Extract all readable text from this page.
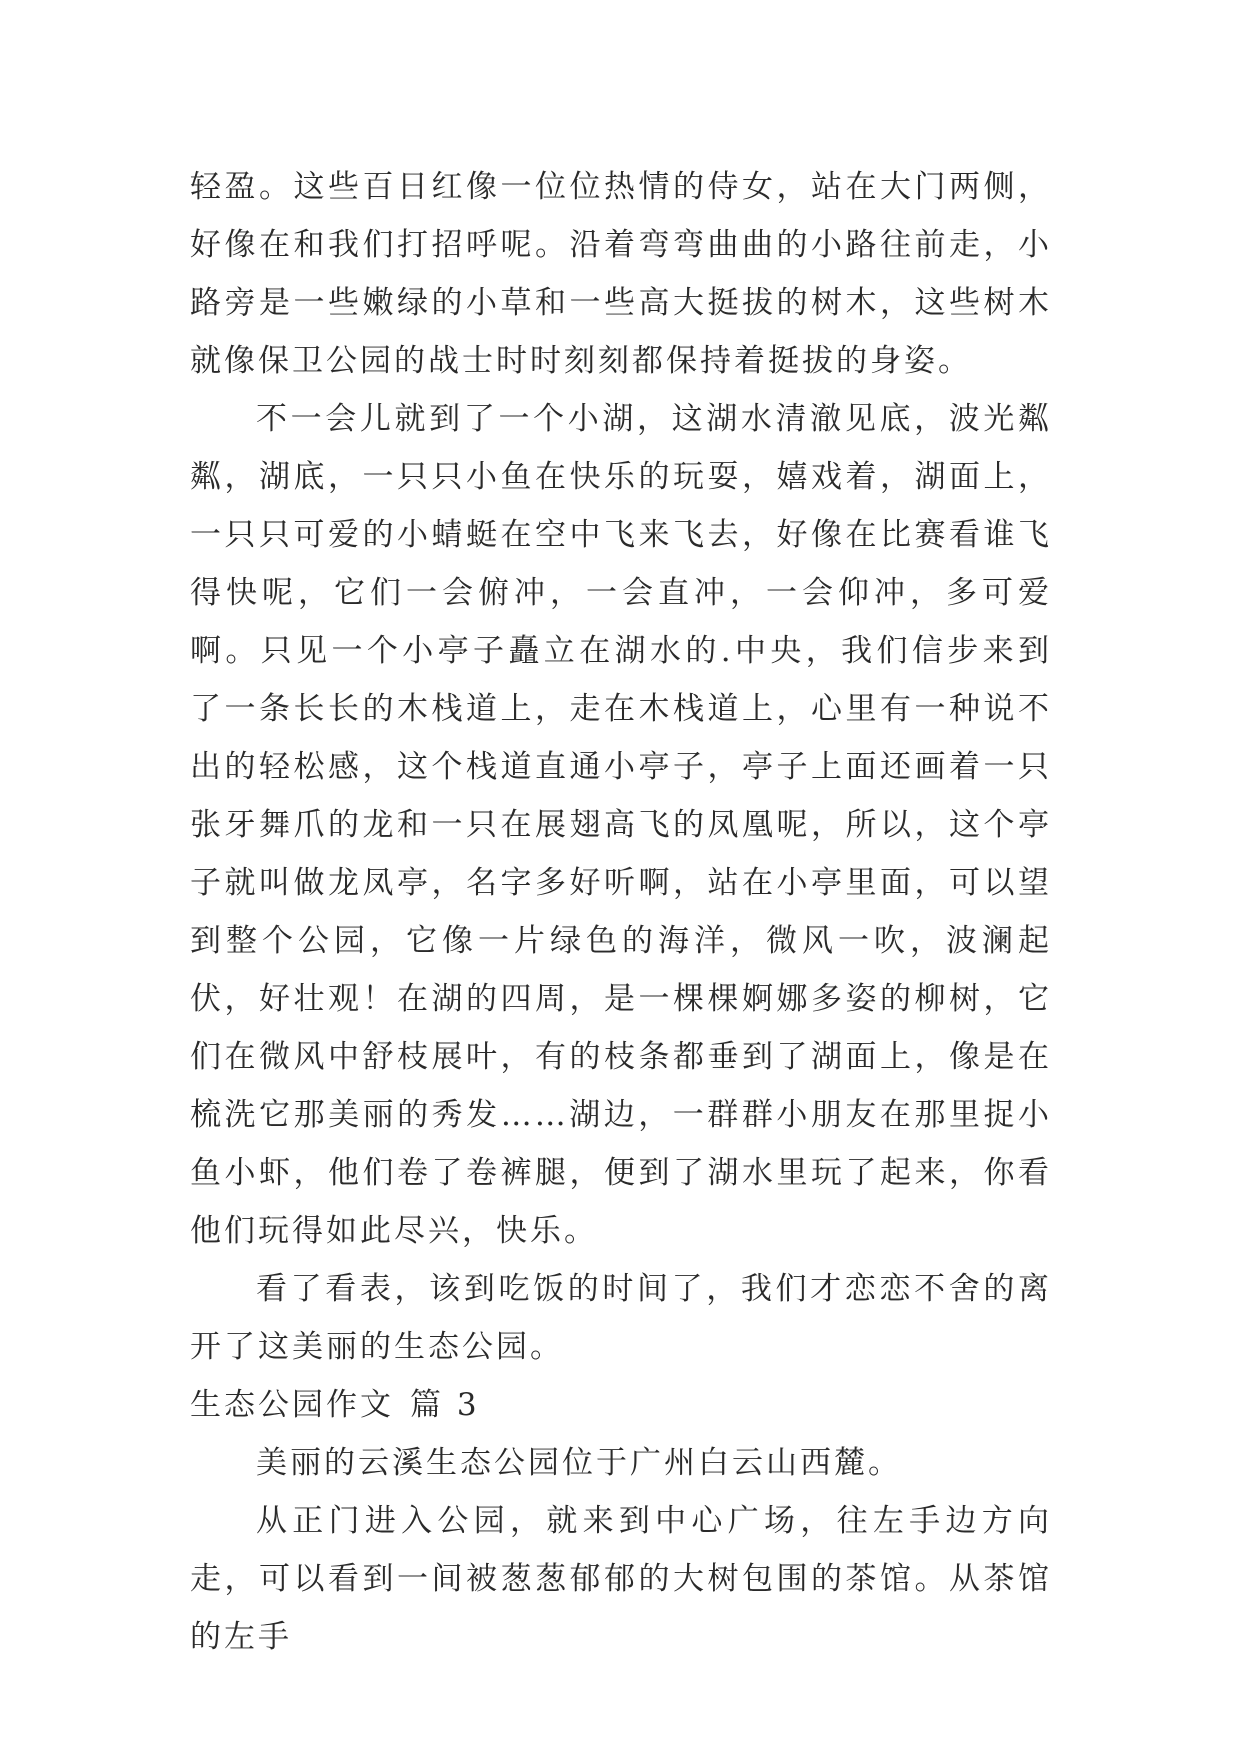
轻盈。这些百日红像一位位热情的侍女，站在大门两侧，好像在和我们打招呼呢。沿着弯弯曲曲的小路往前走，小路旁是一些嫩绿的小草和一些高大挺拔的树木，这些树木就像保卫公园的战士时时刻刻都保持着挺拔的身姿。

不一会儿就到了一个小湖，这湖水清澈见底，波光粼粼，湖底，一只只小鱼在快乐的玩耍，嬉戏着，湖面上，一只只可爱的小蜻蜓在空中飞来飞去，好像在比赛看谁飞得快呢，它们一会俯冲，一会直冲，一会仰冲，多可爱啊。只见一个小亭子矗立在湖水的.中央，我们信步来到了一条长长的木栈道上，走在木栈道上，心里有一种说不出的轻松感，这个栈道直通小亭子，亭子上面还画着一只张牙舞爪的龙和一只在展翅高飞的凤凰呢，所以，这个亭子就叫做龙凤亭，名字多好听啊，站在小亭里面，可以望到整个公园，它像一片绿色的海洋，微风一吹，波澜起伏，好壮观！在湖的四周，是一棵棵婀娜多姿的柳树，它们在微风中舒枝展叶，有的枝条都垂到了湖面上，像是在梳洗它那美丽的秀发……湖边，一群群小朋友在那里捉小鱼小虾，他们卷了卷裤腿，便到了湖水里玩了起来，你看他们玩得如此尽兴，快乐。

看了看表，该到吃饭的时间了，我们才恋恋不舍的离开了这美丽的生态公园。

生态公园作文 篇 3

美丽的云溪生态公园位于广州白云山西麓。

从正门进入公园，就来到中心广场，往左手边方向走，可以看到一间被葱葱郁郁的大树包围的茶馆。从茶馆的左手
